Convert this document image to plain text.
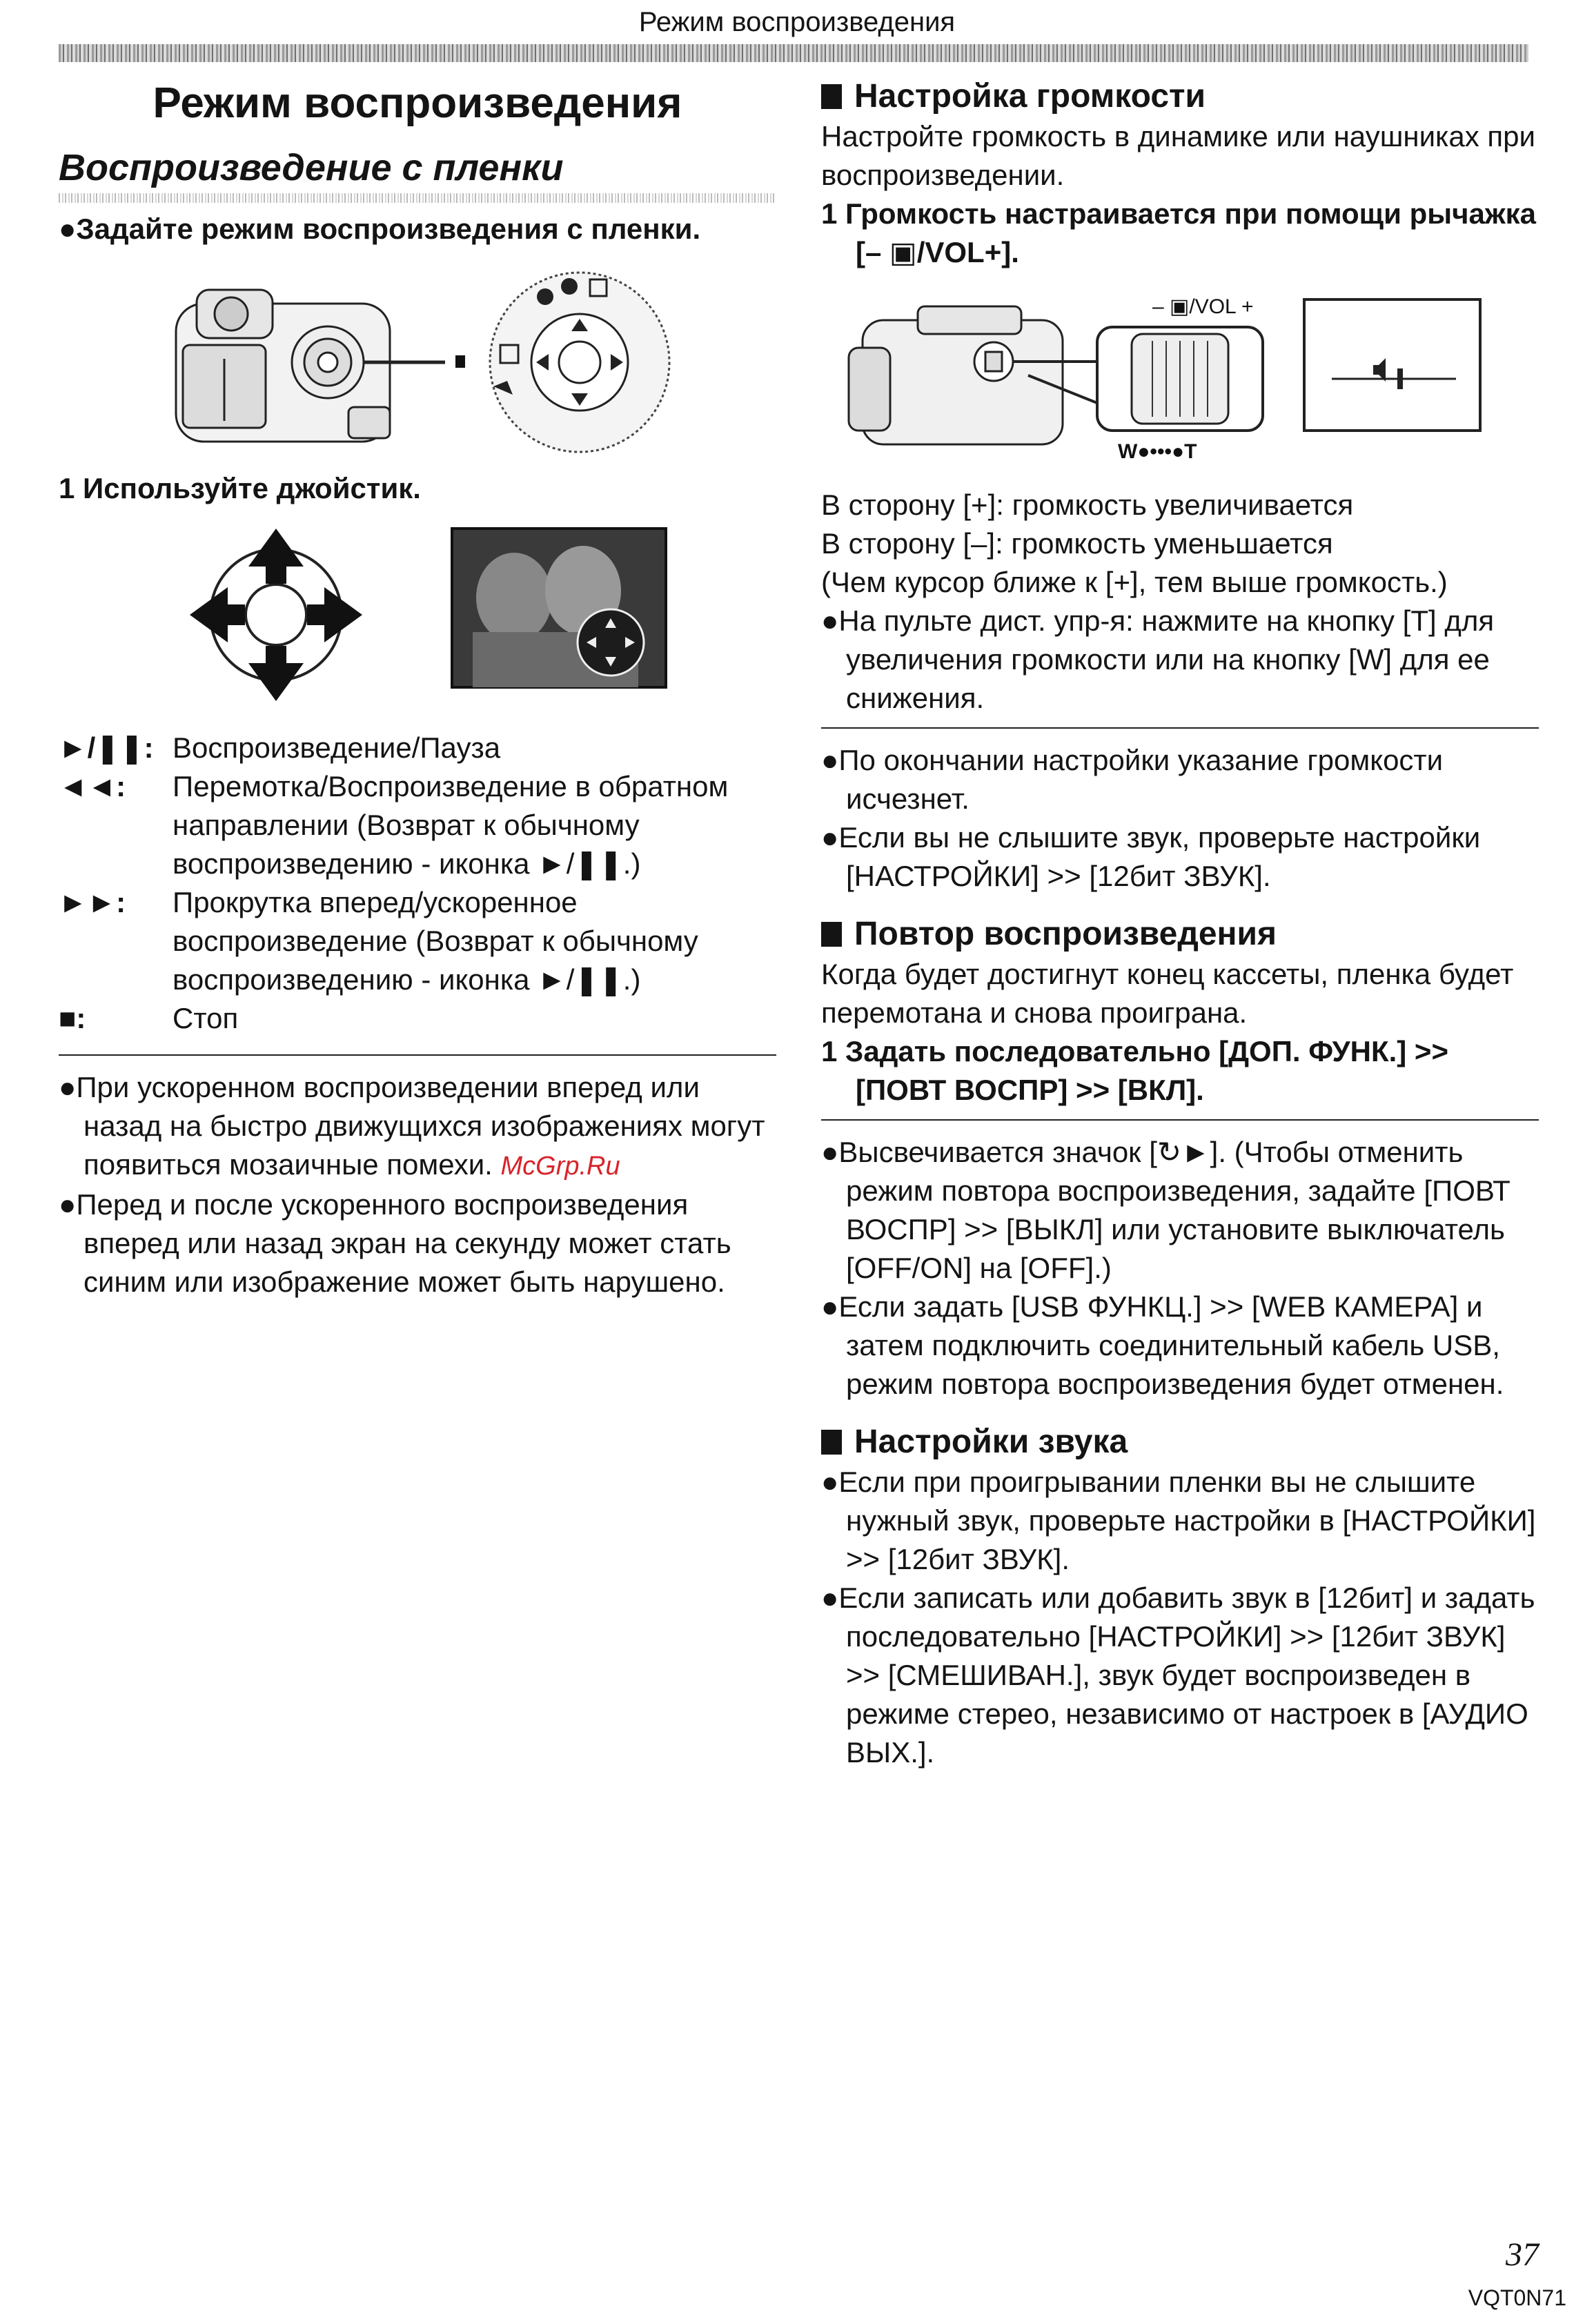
Режим воспроизведения
Режим воспроизведения
Воспроизведение с пленки

●Задайте режим воспроизведения с пленки.

1 Используйте джойстик.

►/❚❚: Воспроизведение/Пауза
◄◄:	Перемотка/Воспроизведение в обратном направлении (Возврат к обычному воспроизведению - иконка ►/❚❚.)
►►:	Прокрутка вперед/ускоренное воспроизведение (Возврат к обычному воспроизведению - иконка ►/❚❚.)
■:	Стоп

●При ускоренном воспроизведении вперед или назад на быстро движущихся изображениях могут появиться мозаичные помехи. McGrp.Ru

●Перед и после ускоренного воспроизведения вперед или назад экран на секунду может стать синим или изображение может быть нарушено.

Настройка громкости

Настройте громкость в динамике или наушниках при воспроизведении.

1 Громкость настраивается при помощи рычажка [– ▣/VOL+].

– ▣/VOL +
W●•••●T

В сторону [+]: громкость увеличивается

В сторону [–]: громкость уменьшается

(Чем курсор ближе к [+], тем выше громкость.)

●На пульте дист. упр-я: нажмите на кнопку [T] для увеличения громкости или на кнопку [W] для ее снижения.

●По окончании настройки указание громкости исчезнет.

●Если вы не слышите звук, проверьте настройки [НАСТРОЙКИ] >> [12бит ЗВУК].

Повтор воспроизведения

Когда будет достигнут конец кассеты, пленка будет перемотана и снова проиграна.

1 Задать последовательно [ДОП. ФУНК.] >> [ПОВТ ВОСПР] >> [ВКЛ].

●Высвечивается значок [↻►]. (Чтобы отменить режим повтора воспроизведения, задайте [ПОВТ ВОСПР] >> [ВЫКЛ] или установите выключатель [OFF/ON] на [OFF].)

●Если задать [USB ФУНКЦ.] >> [WEB КАМЕРА] и затем подключить соединительный кабель USB, режим повтора воспроизведения будет отменен.

Настройки звука

●Если при проигрывании пленки вы не слышите нужный звук, проверьте настройки в [НАСТРОЙКИ] >> [12бит ЗВУК].

●Если записать или добавить звук в [12бит] и задать последовательно [НАСТРОЙКИ] >> [12бит ЗВУК] >> [СМЕШИВАН.], звук будет воспроизведен в режиме стерео, независимо от настроек в [АУДИО ВЫХ.].

37
VQT0N71
